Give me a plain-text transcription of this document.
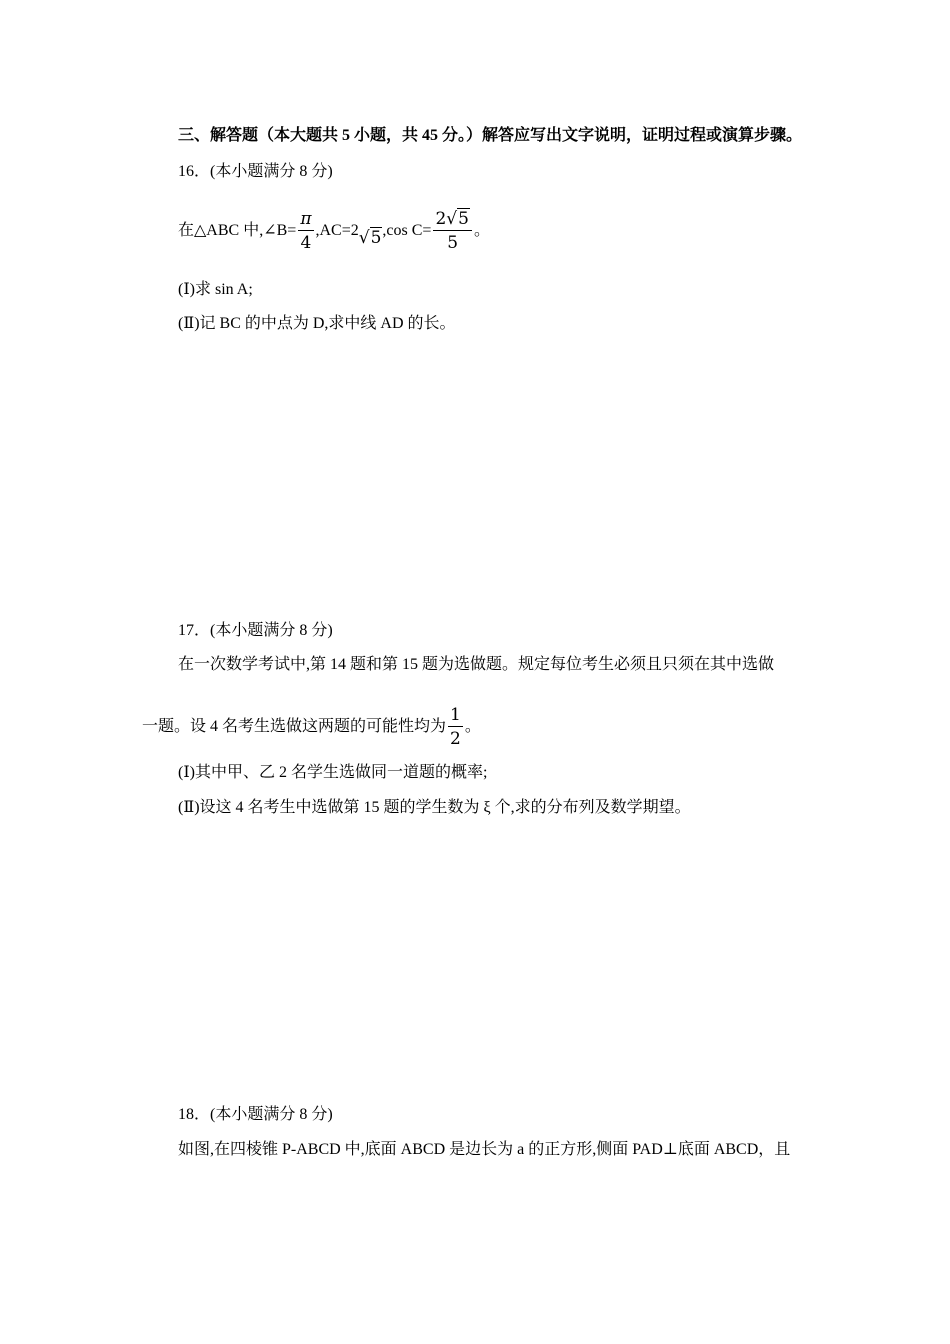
三、解答题（本大题共 5 小题，共 45 分。）解答应写出文字说明，证明过程或演算步骤。
16．(本小题满分 8 分)
在△ABC 中,∠B= $\frac{\pi}{4} ,AC=2√5,\cos$ $C= \frac{2√5}{5}$ 。
(Ⅰ)求 sin A;
(Ⅱ)记 BC 的中点为 D,求中线 AD 的长。
17．(本小题满分 8 分)
在一次数学考试中,第 14 题和第 15 题为选做题。规定每位考生必须且只须在其中选做
一题。设 4 名考生选做这两题的可能性均为 $\frac{1}{2}$ 。
(Ⅰ)其中甲、乙 2 名学生选做同一道题的概率;
(Ⅱ)设这 4 名考生中选做第 15 题的学生数为 ξ 个,求的分布列及数学期望。
18．(本小题满分 8 分)
如图,在四棱锥 P-ABCD 中,底面 ABCD 是边长为 a 的正方形,侧面 PAD⊥底面 ABCD，且
